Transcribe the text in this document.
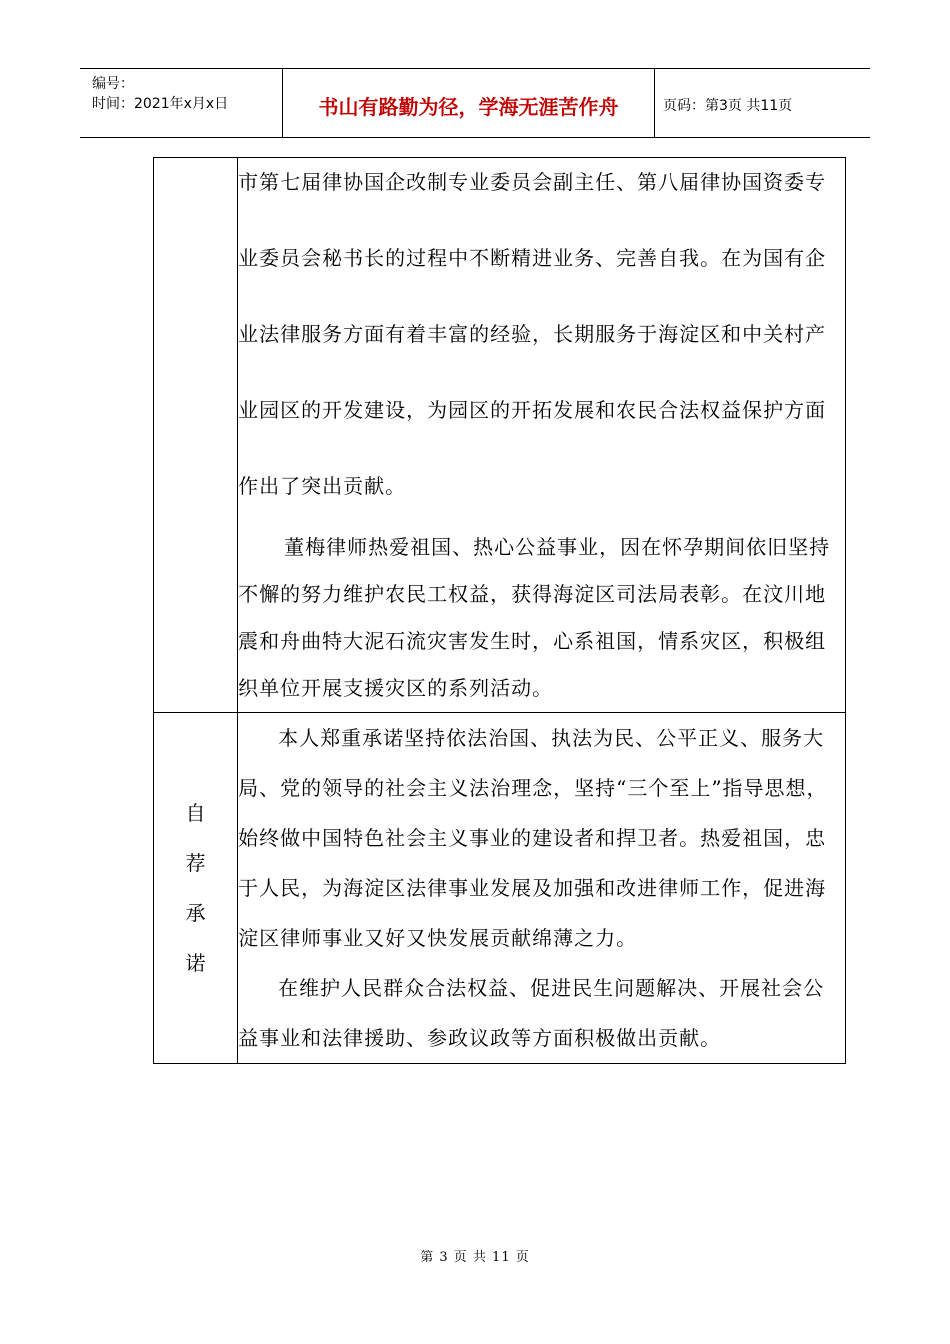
编号：
时间：2021年x月x日	书山有路勤为径，学海无涯苦作舟	页码：第3页 共11页

	市第七届律协国企改制专业委员会副主任、第八届律协国资委专业委员会秘书长的过程中不断精进业务、完善自我。在为国有企业法律服务方面有着丰富的经验，长期服务于海淀区和中关村产业园区的开发建设，为园区的开拓发展和农民合法权益保护方面作出了突出贡献。
董梅律师热爱祖国、热心公益事业，因在怀孕期间依旧坚持不懈的努力维护农民工权益，获得海淀区司法局表彰。在汶川地震和舟曲特大泥石流灾害发生时，心系祖国，情系灾区，积极组织单位开展支援灾区的系列活动。

自荐承诺	本人郑重承诺坚持依法治国、执法为民、公平正义、服务大局、党的领导的社会主义法治理念，坚持“三个至上”指导思想，始终做中国特色社会主义事业的建设者和捍卫者。热爱祖国，忠于人民，为海淀区法律事业发展及加强和改进律师工作，促进海淀区律师事业又好又快发展贡献绵薄之力。

在维护人民群众合法权益、促进民生问题解决、开展社会公益事业和法律援助、参政议政等方面积极做出贡献。

第 3 页 共 11 页
